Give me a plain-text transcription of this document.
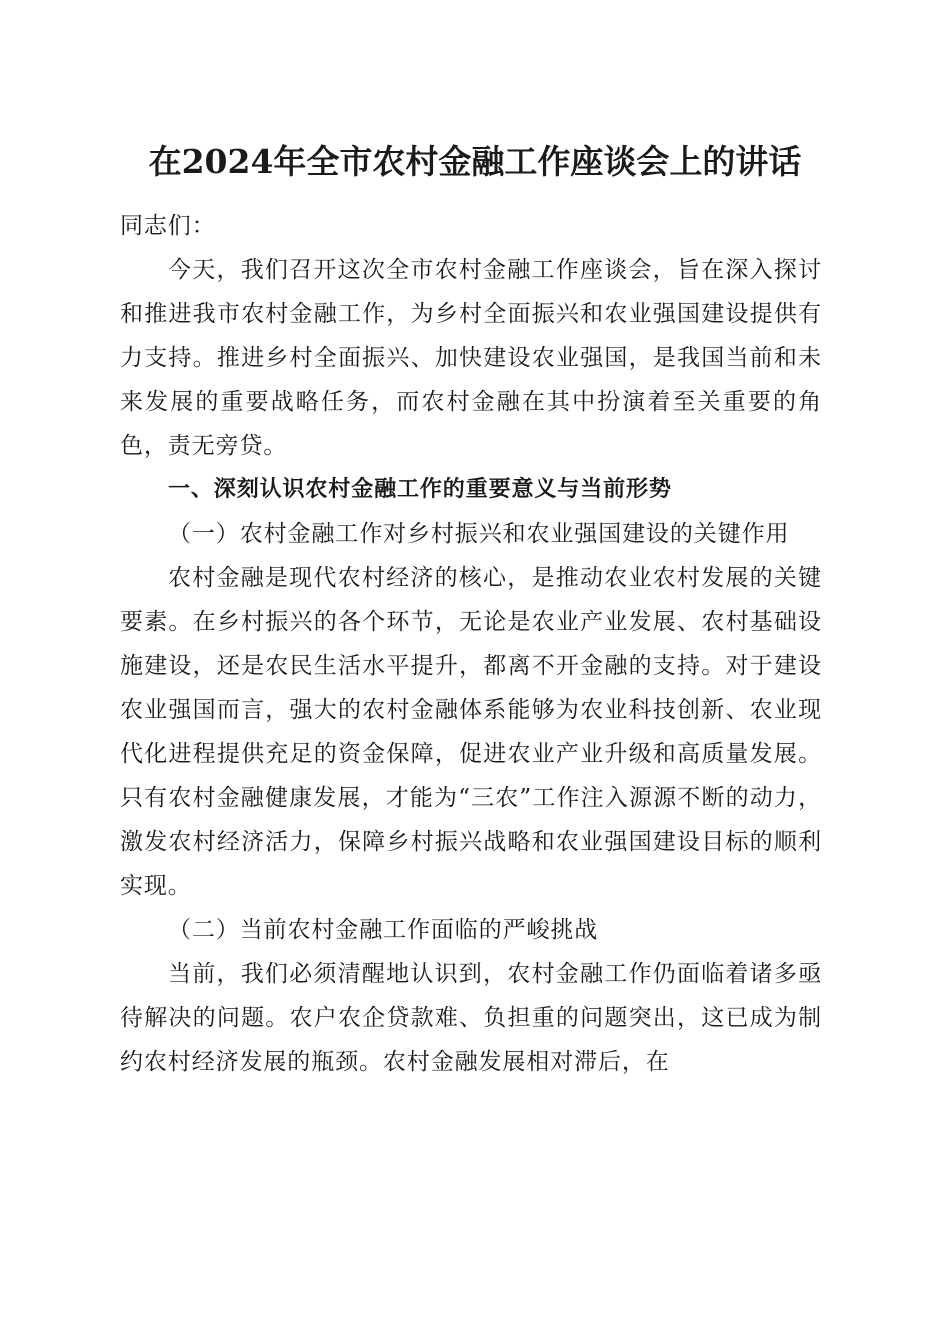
在2024年全市农村金融工作座谈会上的讲话

同志们：

今天，我们召开这次全市农村金融工作座谈会，旨在深入探讨和推进我市农村金融工作，为乡村全面振兴和农业强国建设提供有力支持。推进乡村全面振兴、加快建设农业强国，是我国当前和未来发展的重要战略任务，而农村金融在其中扮演着至关重要的角色，责无旁贷。

一、深刻认识农村金融工作的重要意义与当前形势

（一）农村金融工作对乡村振兴和农业强国建设的关键作用

农村金融是现代农村经济的核心，是推动农业农村发展的关键要素。在乡村振兴的各个环节，无论是农业产业发展、农村基础设施建设，还是农民生活水平提升，都离不开金融的支持。对于建设农业强国而言，强大的农村金融体系能够为农业科技创新、农业现代化进程提供充足的资金保障，促进农业产业升级和高质量发展。只有农村金融健康发展，才能为“三农”工作注入源源不断的动力，激发农村经济活力，保障乡村振兴战略和农业强国建设目标的顺利实现。

（二）当前农村金融工作面临的严峻挑战

当前，我们必须清醒地认识到，农村金融工作仍面临着诸多亟待解决的问题。农户农企贷款难、负担重的问题突出，这已成为制约农村经济发展的瓶颈。农村金融发展相对滞后，在
